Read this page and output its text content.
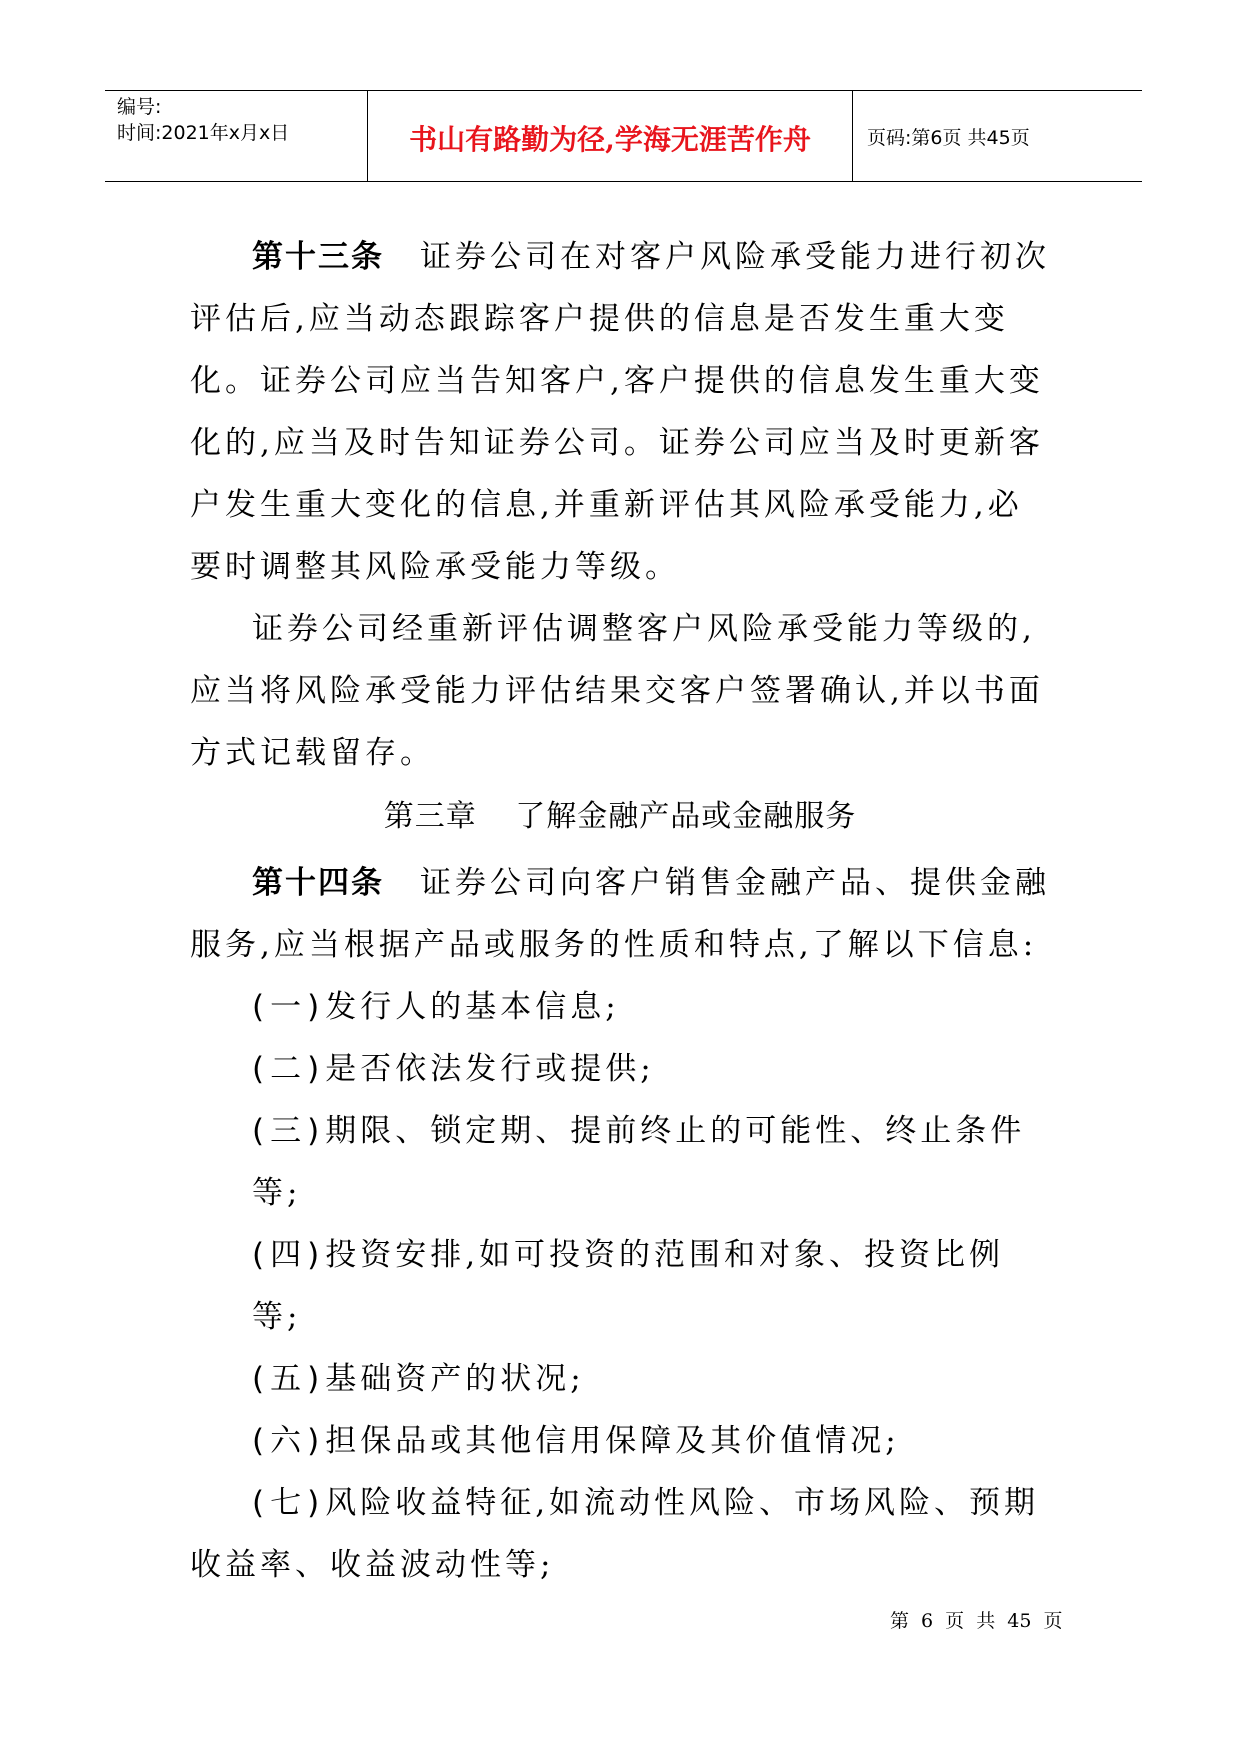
编号:
时间:2021年x月x日	书山有路勤为径,学海无涯苦作舟	页码:第6页 共45页

第十三条 证券公司在对客户风险承受能力进行初次评估后,应当动态跟踪客户提供的信息是否发生重大变化。证券公司应当告知客户,客户提供的信息发生重大变化的,应当及时告知证券公司。证券公司应当及时更新客户发生重大变化的信息,并重新评估其风险承受能力,必要时调整其风险承受能力等级。

证券公司经重新评估调整客户风险承受能力等级的,应当将风险承受能力评估结果交客户签署确认,并以书面方式记载留存。

第三章 了解金融产品或金融服务

第十四条 证券公司向客户销售金融产品、提供金融服务,应当根据产品或服务的性质和特点,了解以下信息:

(一)发行人的基本信息;

(二)是否依法发行或提供;

(三)期限、锁定期、提前终止的可能性、终止条件等;

(四)投资安排,如可投资的范围和对象、投资比例等;

(五)基础资产的状况;

(六)担保品或其他信用保障及其价值情况;

(七)风险收益特征,如流动性风险、市场风险、预期收益率、收益波动性等;

第 6 页 共 45 页
